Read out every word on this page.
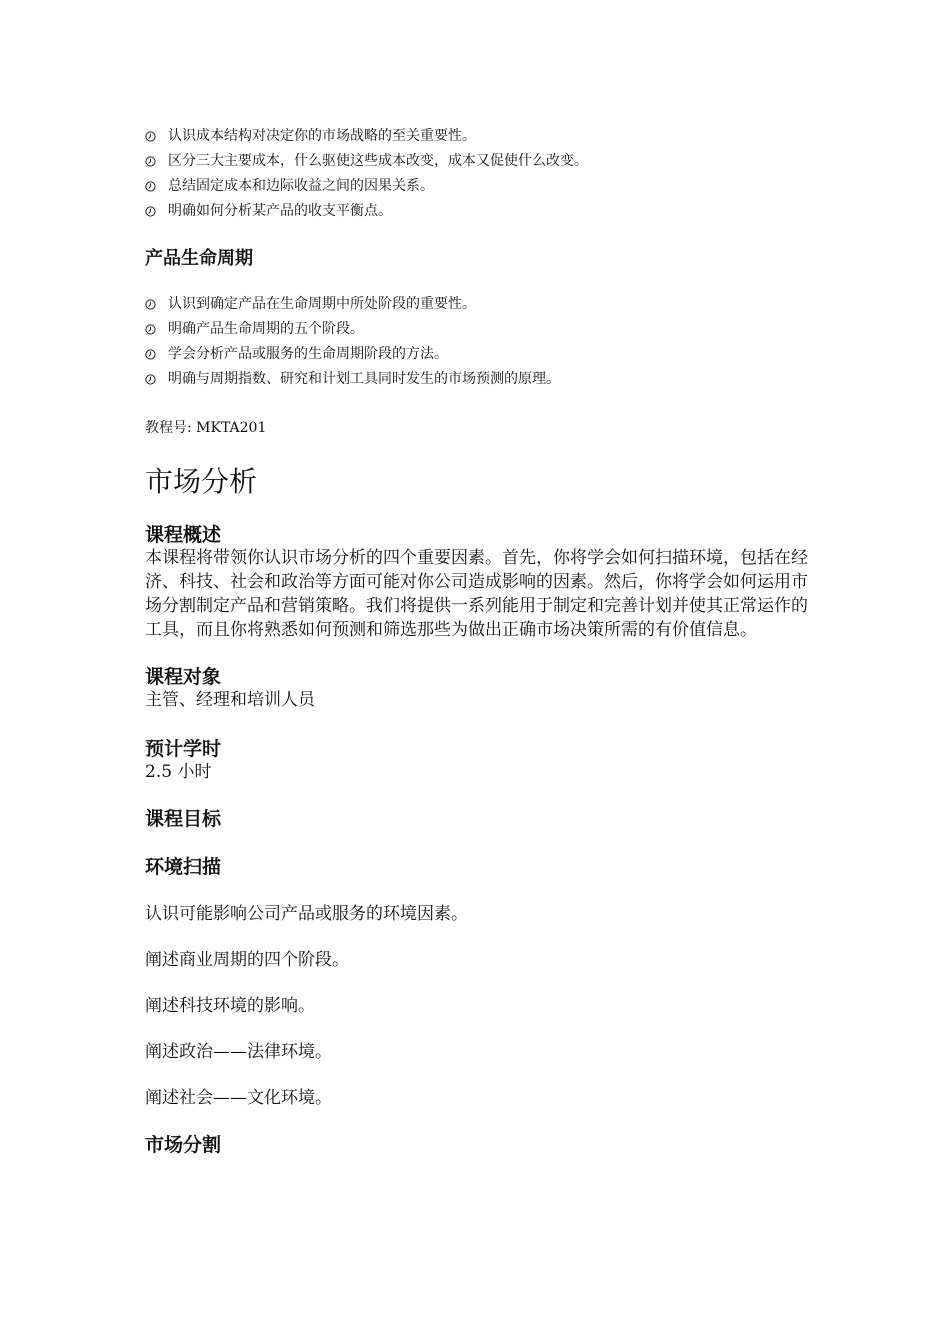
认识成本结构对决定你的市场战略的至关重要性。
区分三大主要成本，什么驱使这些成本改变，成本又促使什么改变。
总结固定成本和边际收益之间的因果关系。
明确如何分析某产品的收支平衡点。
产品生命周期
认识到确定产品在生命周期中所处阶段的重要性。
明确产品生命周期的五个阶段。
学会分析产品或服务的生命周期阶段的方法。
明确与周期指数、研究和计划工具同时发生的市场预测的原理。

教程号: MKTA201

市场分析
课程概述

本课程将带领你认识市场分析的四个重要因素。首先，你将学会如何扫描环境，包括在经济、科技、社会和政治等方面可能对你公司造成影响的因素。然后，你将学会如何运用市场分割制定产品和营销策略。我们将提供一系列能用于制定和完善计划并使其正常运作的工具，而且你将熟悉如何预测和筛选那些为做出正确市场决策所需的有价值信息。

课程对象

主管、经理和培训人员

预计学时

2.5 小时

课程目标
环境扫描

认识可能影响公司产品或服务的环境因素。

阐述商业周期的四个阶段。

阐述科技环境的影响。

阐述政治——法律环境。

阐述社会——文化环境。

市场分割
